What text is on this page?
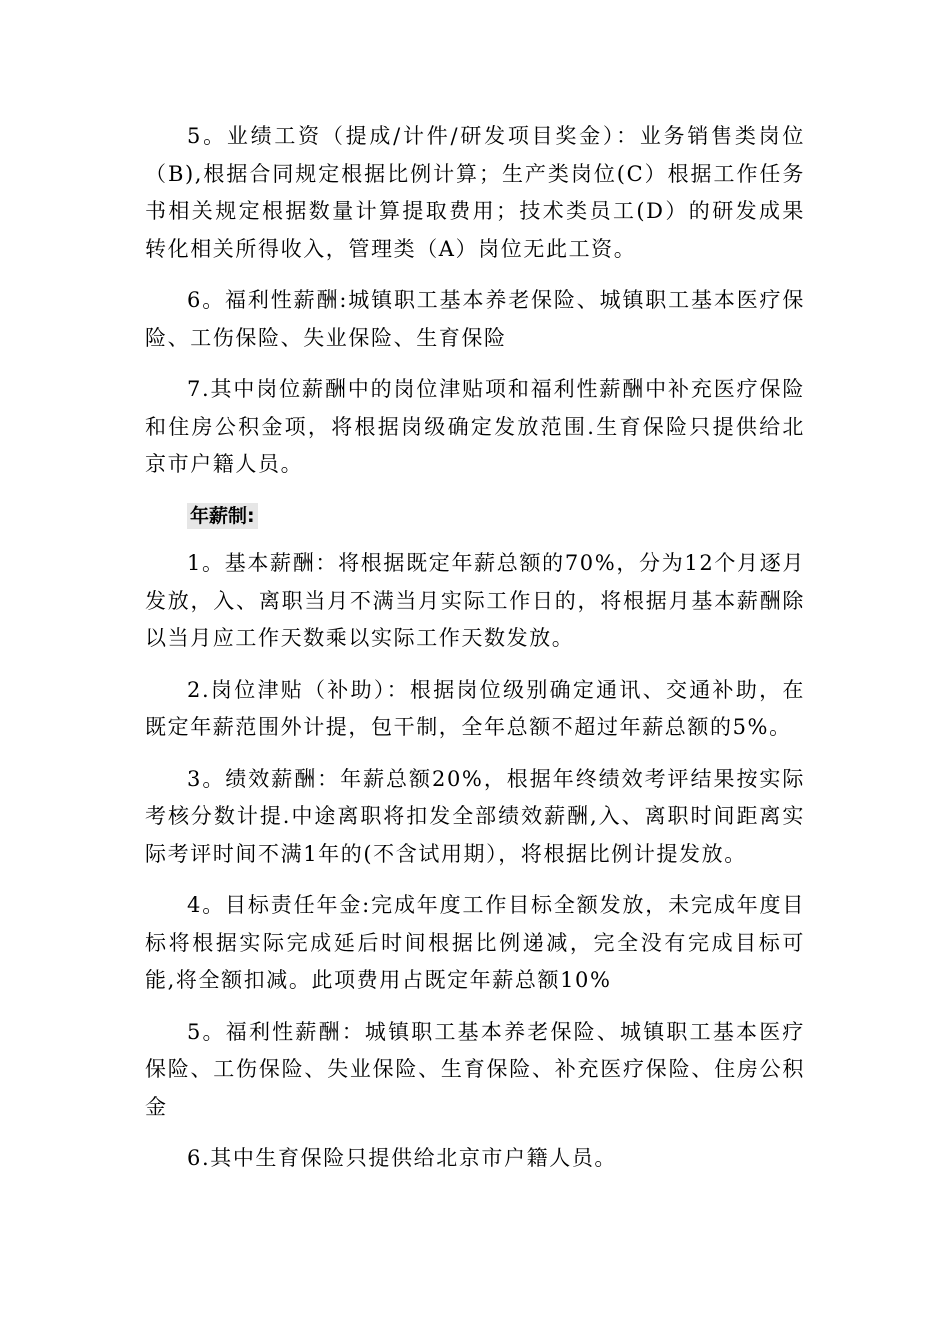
5。业绩工资（提成/计件/研发项目奖金）：业务销售类岗位（B),根据合同规定根据比例计算；生产类岗位(C）根据工作任务书相关规定根据数量计算提取费用；技术类员工(D）的研发成果转化相关所得收入，管理类（A）岗位无此工资。

6。福利性薪酬:城镇职工基本养老保险、城镇职工基本医疗保险、工伤保险、失业保险、生育保险

7.其中岗位薪酬中的岗位津贴项和福利性薪酬中补充医疗保险和住房公积金项，将根据岗级确定发放范围.生育保险只提供给北京市户籍人员。

年薪制:

1。基本薪酬：将根据既定年薪总额的70%，分为12个月逐月发放，入、离职当月不满当月实际工作日的，将根据月基本薪酬除以当月应工作天数乘以实际工作天数发放。

2.岗位津贴（补助）：根据岗位级别确定通讯、交通补助，在既定年薪范围外计提，包干制，全年总额不超过年薪总额的5%。

3。绩效薪酬：年薪总额20%，根据年终绩效考评结果按实际考核分数计提.中途离职将扣发全部绩效薪酬,入、离职时间距离实际考评时间不满1年的(不含试用期），将根据比例计提发放。

4。目标责任年金:完成年度工作目标全额发放，未完成年度目标将根据实际完成延后时间根据比例递减，完全没有完成目标可能,将全额扣减。此项费用占既定年薪总额10%

5。福利性薪酬：城镇职工基本养老保险、城镇职工基本医疗保险、工伤保险、失业保险、生育保险、补充医疗保险、住房公积金

6.其中生育保险只提供给北京市户籍人员。
